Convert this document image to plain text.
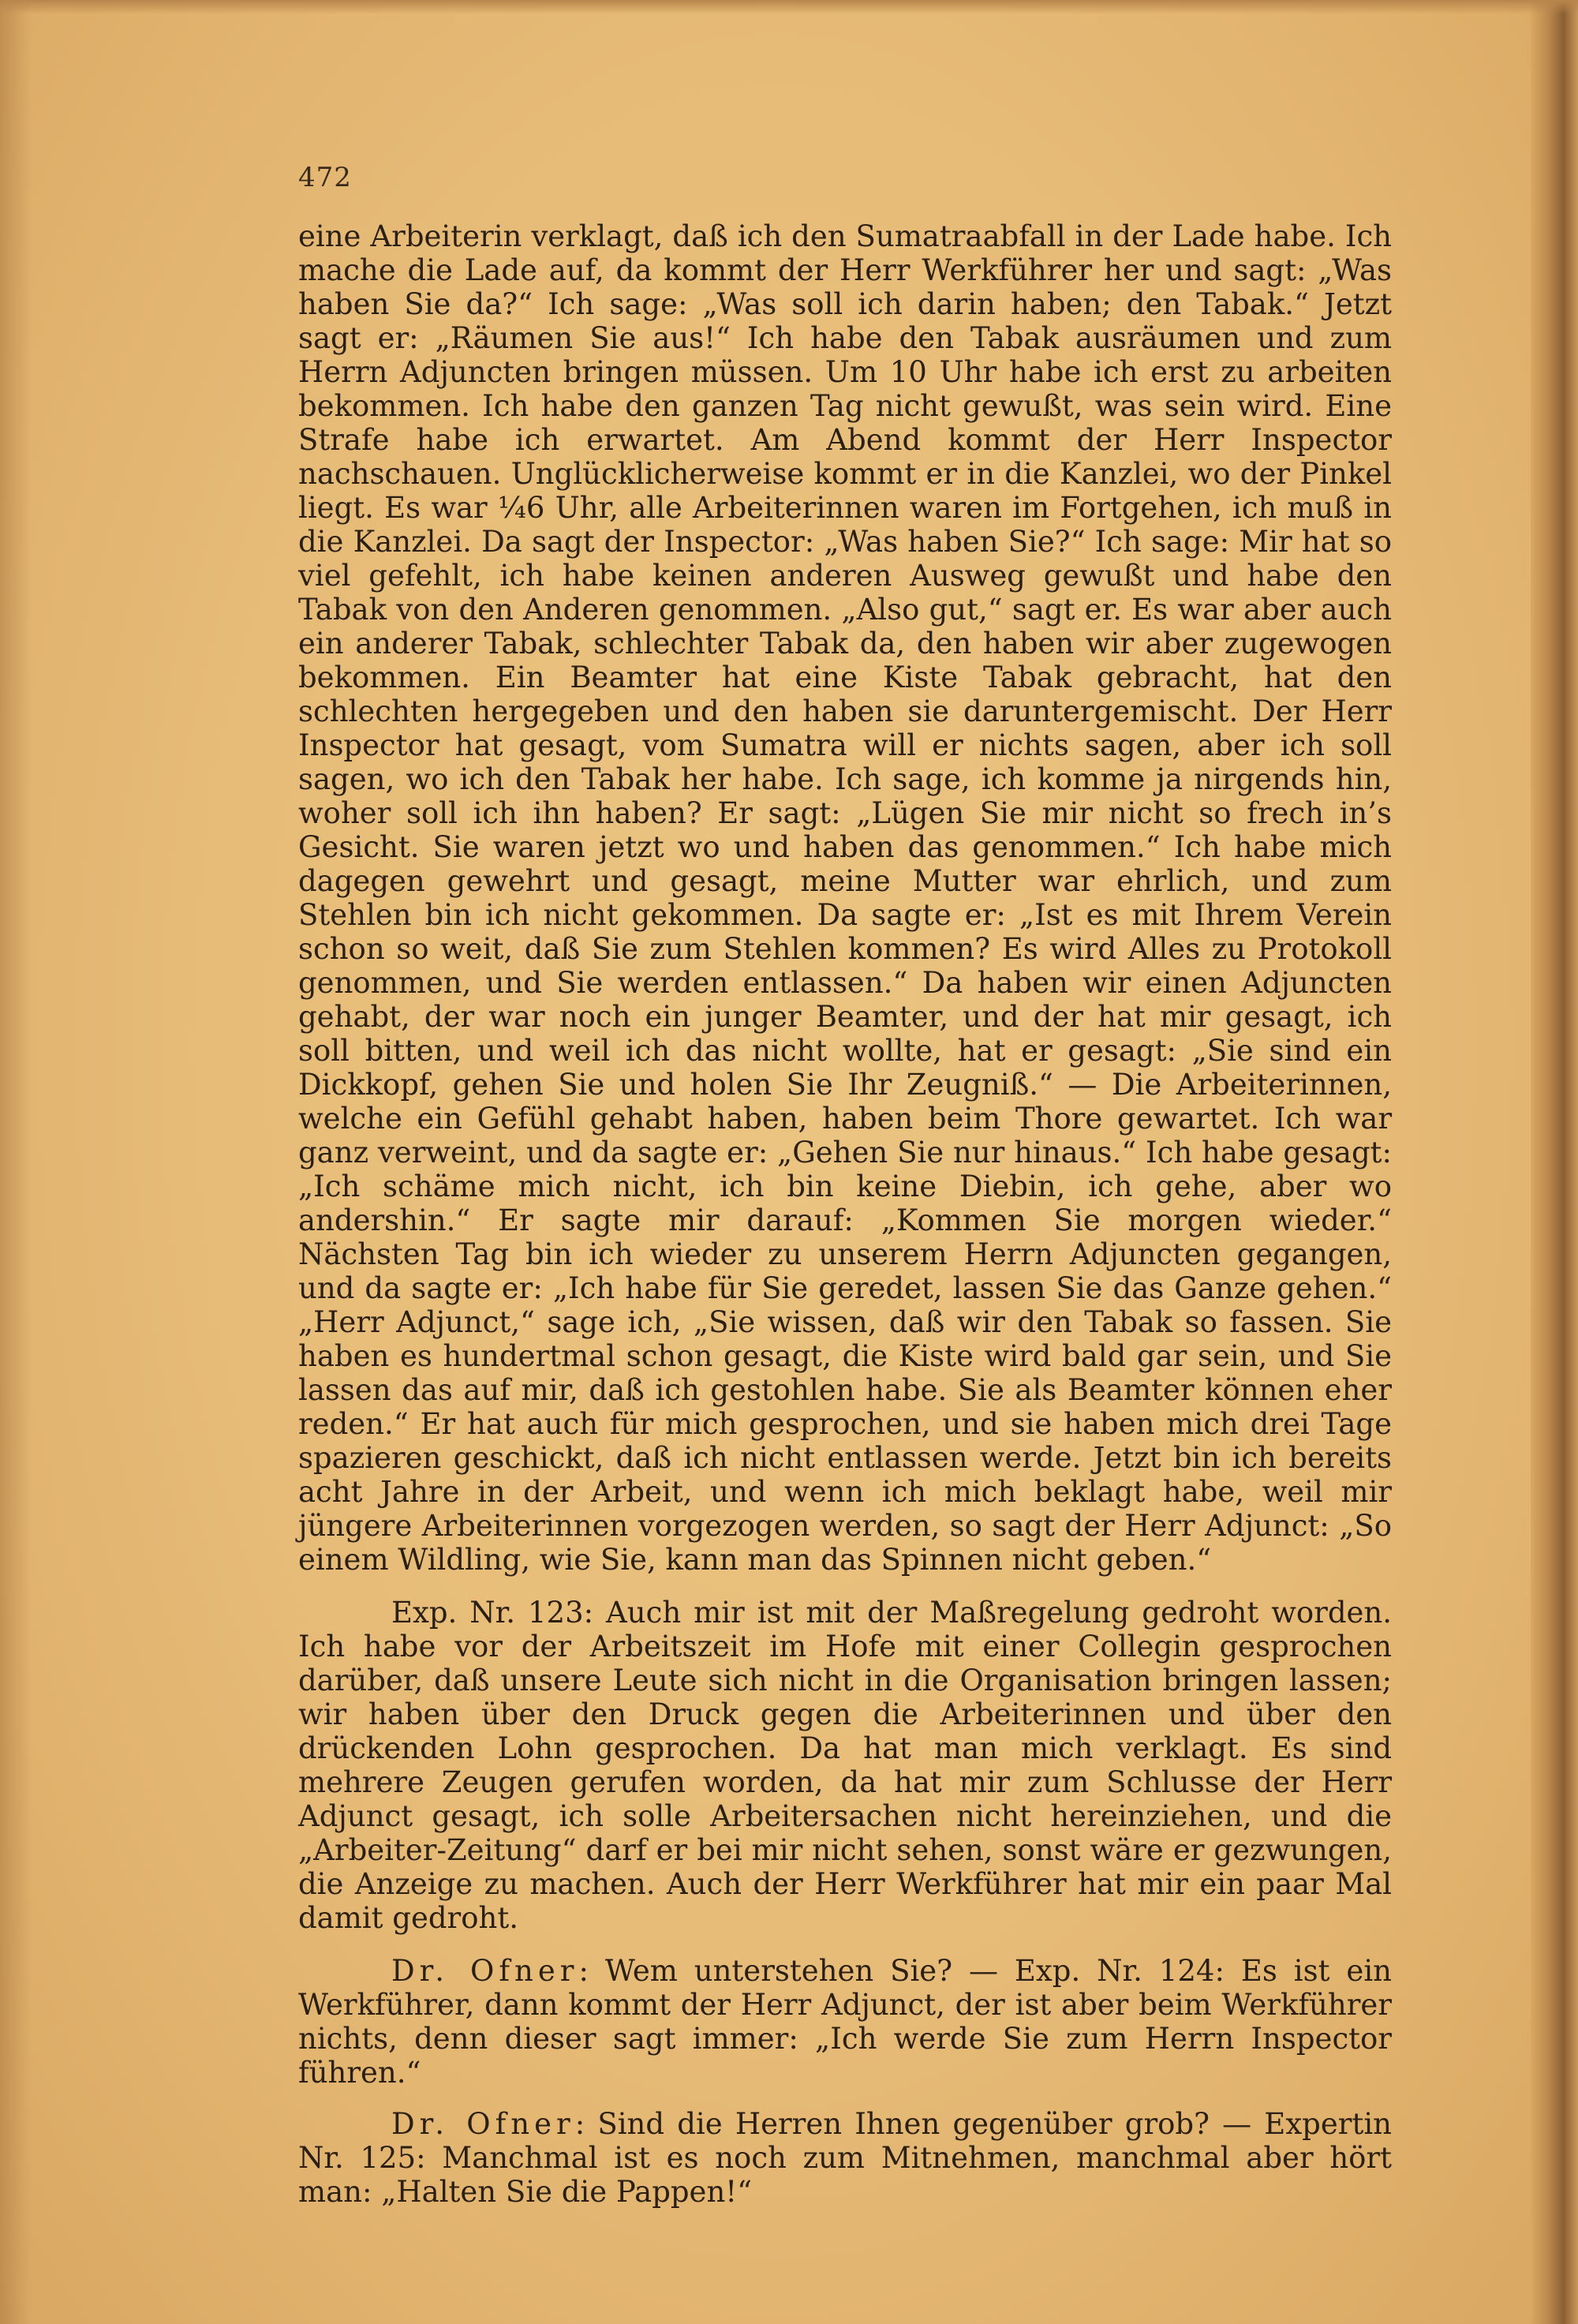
472

eine Arbeiterin verklagt, daß ich den Sumatraabfall in der Lade habe. Ich mache die Lade auf, da kommt der Herr Werkführer her und sagt: „Was haben Sie da?“ Ich sage: „Was soll ich darin haben; den Tabak.“ Jetzt sagt er: „Räumen Sie aus!“ Ich habe den Tabak ausräumen und zum Herrn Adjuncten bringen müssen. Um 10 Uhr habe ich erst zu arbeiten bekommen. Ich habe den ganzen Tag nicht gewußt, was sein wird. Eine Strafe habe ich erwartet. Am Abend kommt der Herr Inspector nachschauen. Unglücklicherweise kommt er in die Kanzlei, wo der Pinkel liegt. Es war ¼6 Uhr, alle Arbeiterinnen waren im Fortgehen, ich muß in die Kanzlei. Da sagt der Inspector: „Was haben Sie?“ Ich sage: Mir hat so viel gefehlt, ich habe keinen anderen Ausweg gewußt und habe den Tabak von den Anderen genommen. „Also gut,“ sagt er. Es war aber auch ein anderer Tabak, schlechter Tabak da, den haben wir aber zugewogen bekommen. Ein Beamter hat eine Kiste Tabak gebracht, hat den schlechten hergegeben und den haben sie daruntergemischt. Der Herr Inspector hat gesagt, vom Sumatra will er nichts sagen, aber ich soll sagen, wo ich den Tabak her habe. Ich sage, ich komme ja nirgends hin, woher soll ich ihn haben? Er sagt: „Lügen Sie mir nicht so frech in’s Gesicht. Sie waren jetzt wo und haben das genommen.“ Ich habe mich dagegen gewehrt und gesagt, meine Mutter war ehrlich, und zum Stehlen bin ich nicht gekommen. Da sagte er: „Ist es mit Ihrem Verein schon so weit, daß Sie zum Stehlen kommen? Es wird Alles zu Protokoll genommen, und Sie werden entlassen.“ Da haben wir einen Adjuncten gehabt, der war noch ein junger Beamter, und der hat mir gesagt, ich soll bitten, und weil ich das nicht wollte, hat er gesagt: „Sie sind ein Dickkopf, gehen Sie und holen Sie Ihr Zeugniß.“ — Die Arbeiterinnen, welche ein Gefühl gehabt haben, haben beim Thore gewartet. Ich war ganz verweint, und da sagte er: „Gehen Sie nur hinaus.“ Ich habe gesagt: „Ich schäme mich nicht, ich bin keine Diebin, ich gehe, aber wo andershin.“ Er sagte mir darauf: „Kommen Sie morgen wieder.“ Nächsten Tag bin ich wieder zu unserem Herrn Adjuncten gegangen, und da sagte er: „Ich habe für Sie geredet, lassen Sie das Ganze gehen.“ „Herr Adjunct,“ sage ich, „Sie wissen, daß wir den Tabak so fassen. Sie haben es hundertmal schon gesagt, die Kiste wird bald gar sein, und Sie lassen das auf mir, daß ich gestohlen habe. Sie als Beamter können eher reden.“ Er hat auch für mich gesprochen, und sie haben mich drei Tage spazieren geschickt, daß ich nicht entlassen werde. Jetzt bin ich bereits acht Jahre in der Arbeit, und wenn ich mich beklagt habe, weil mir jüngere Arbeiterinnen vorgezogen werden, so sagt der Herr Adjunct: „So einem Wildling, wie Sie, kann man das Spinnen nicht geben.“

Exp. Nr. 123: Auch mir ist mit der Maßregelung gedroht worden. Ich habe vor der Arbeitszeit im Hofe mit einer Collegin gesprochen darüber, daß unsere Leute sich nicht in die Organisation bringen lassen; wir haben über den Druck gegen die Arbeiterinnen und über den drückenden Lohn gesprochen. Da hat man mich verklagt. Es sind mehrere Zeugen gerufen worden, da hat mir zum Schlusse der Herr Adjunct gesagt, ich solle Arbeitersachen nicht hereinziehen, und die „Arbeiter-Zeitung“ darf er bei mir nicht sehen, sonst wäre er gezwungen, die Anzeige zu machen. Auch der Herr Werkführer hat mir ein paar Mal damit gedroht.

Dr. Ofner: Wem unterstehen Sie? — Exp. Nr. 124: Es ist ein Werkführer, dann kommt der Herr Adjunct, der ist aber beim Werkführer nichts, denn dieser sagt immer: „Ich werde Sie zum Herrn Inspector führen.“

Dr. Ofner: Sind die Herren Ihnen gegenüber grob? — Expertin Nr. 125: Manchmal ist es noch zum Mitnehmen, manchmal aber hört man: „Halten Sie die Pappen!“
